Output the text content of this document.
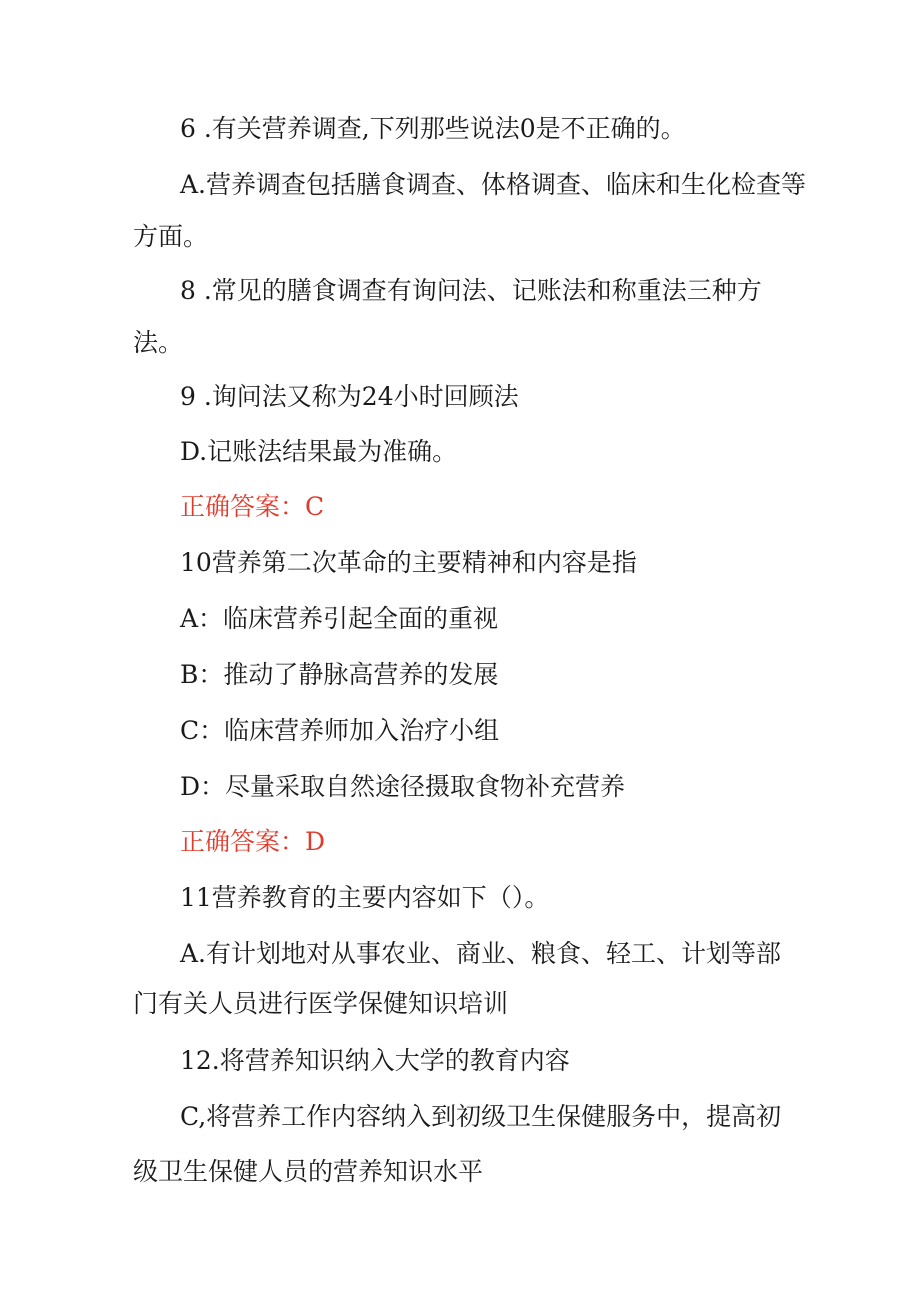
6 .有关营养调查,下列那些说法0是不正确的。
A.营养调查包括膳食调查、体格调查、临床和生化检查等
方面。
8 .常见的膳食调查有询问法、记账法和称重法三种方
法。
9 .询问法又称为24小时回顾法
D.记账法结果最为准确。
正确答案：C
10营养第二次革命的主要精神和内容是指
A：临床营养引起全面的重视
B：推动了静脉高营养的发展
C：临床营养师加入治疗小组
D：尽量采取自然途径摄取食物补充营养
正确答案：D
11营养教育的主要内容如下（）。
A.有计划地对从事农业、商业、粮食、轻工、计划等部
门有关人员进行医学保健知识培训
12.将营养知识纳入大学的教育内容
C,将营养工作内容纳入到初级卫生保健服务中，提高初
级卫生保健人员的营养知识水平
